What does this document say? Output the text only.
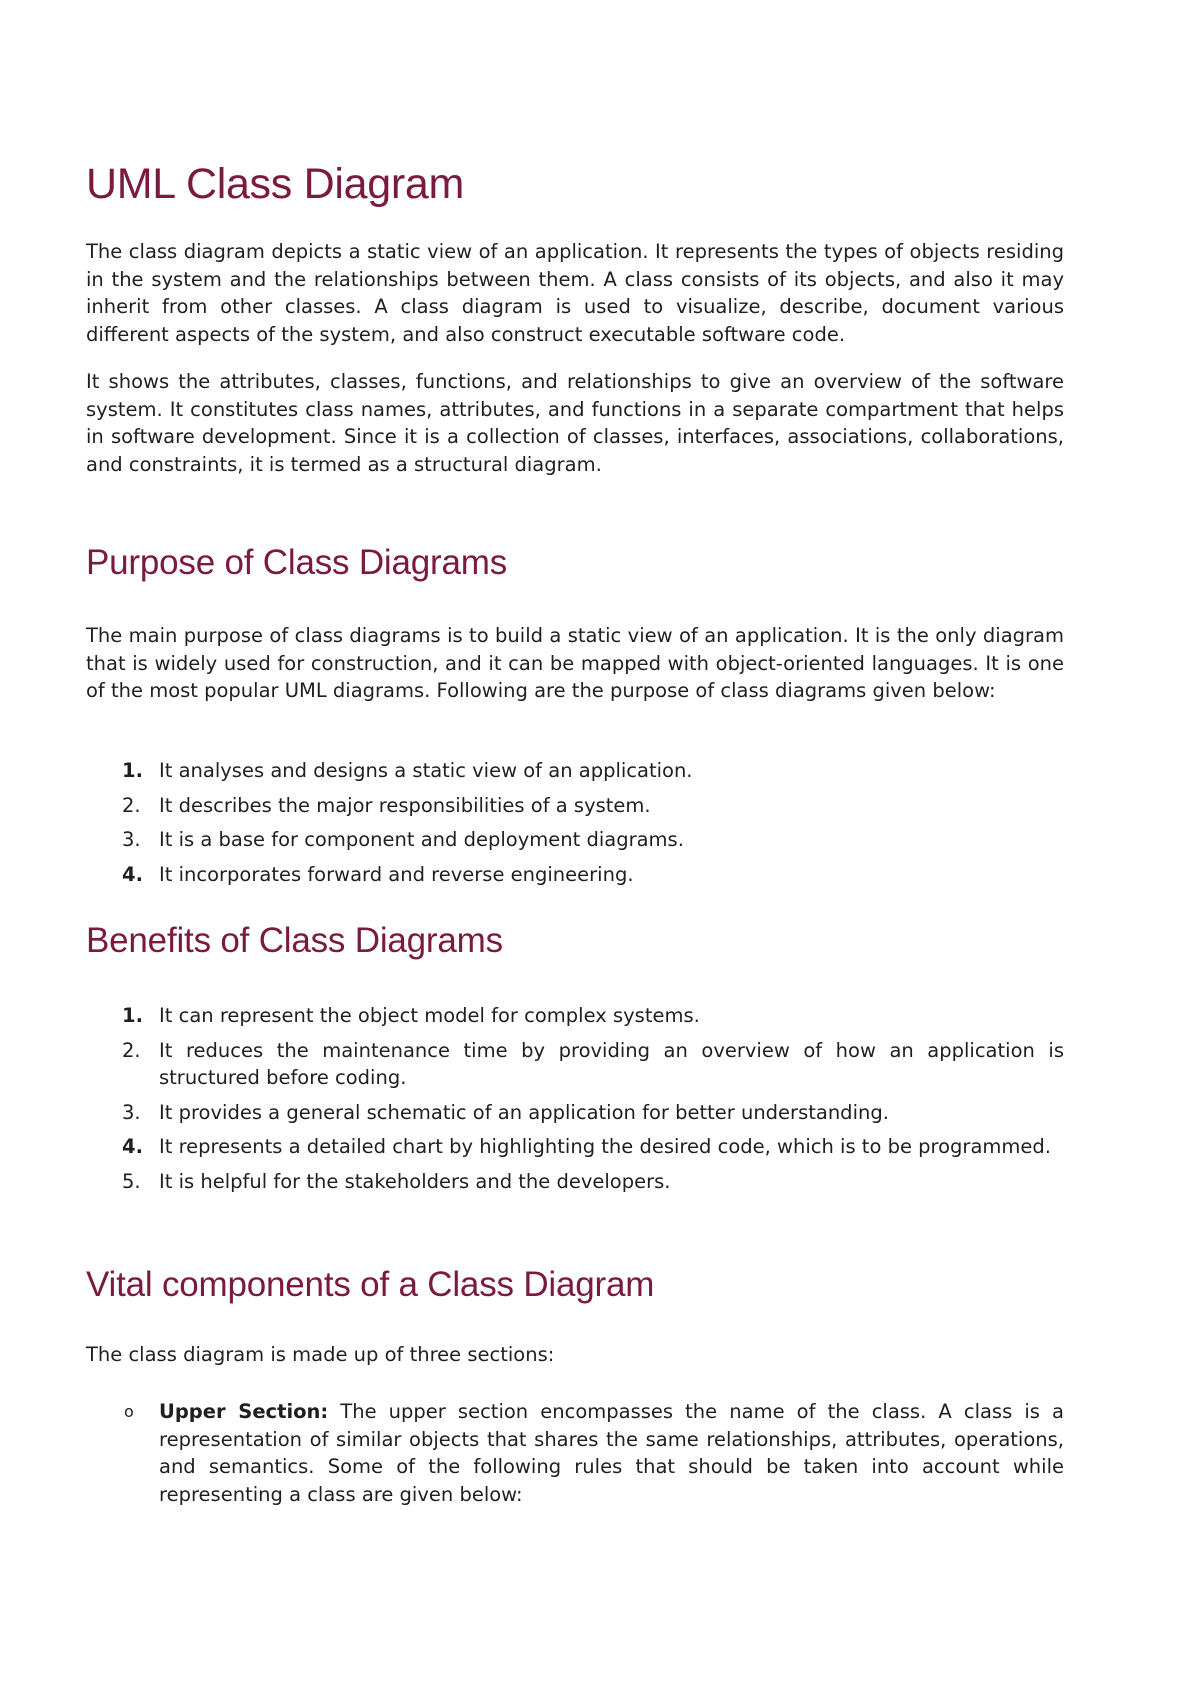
UML Class Diagram

The class diagram depicts a static view of an application. It represents the types of objects residing in the system and the relationships between them. A class consists of its objects, and also it may inherit from other classes. A class diagram is used to visualize, describe, document various different aspects of the system, and also construct executable software code.

It shows the attributes, classes, functions, and relationships to give an overview of the software system. It constitutes class names, attributes, and functions in a separate compartment that helps in software development. Since it is a collection of classes, interfaces, associations, collaborations, and constraints, it is termed as a structural diagram.

Purpose of Class Diagrams

The main purpose of class diagrams is to build a static view of an application. It is the only diagram that is widely used for construction, and it can be mapped with object-oriented languages. It is one of the most popular UML diagrams. Following are the purpose of class diagrams given below:

1. It analyses and designs a static view of an application.
2. It describes the major responsibilities of a system.
3. It is a base for component and deployment diagrams.
4. It incorporates forward and reverse engineering.
Benefits of Class Diagrams
1. It can represent the object model for complex systems.
2. It reduces the maintenance time by providing an overview of how an application is structured before coding.
3. It provides a general schematic of an application for better understanding.
4. It represents a detailed chart by highlighting the desired code, which is to be programmed.
5. It is helpful for the stakeholders and the developers.
Vital components of a Class Diagram

The class diagram is made up of three sections:

o Upper Section: The upper section encompasses the name of the class. A class is a representation of similar objects that shares the same relationships, attributes, operations, and semantics. Some of the following rules that should be taken into account while representing a class are given below:
